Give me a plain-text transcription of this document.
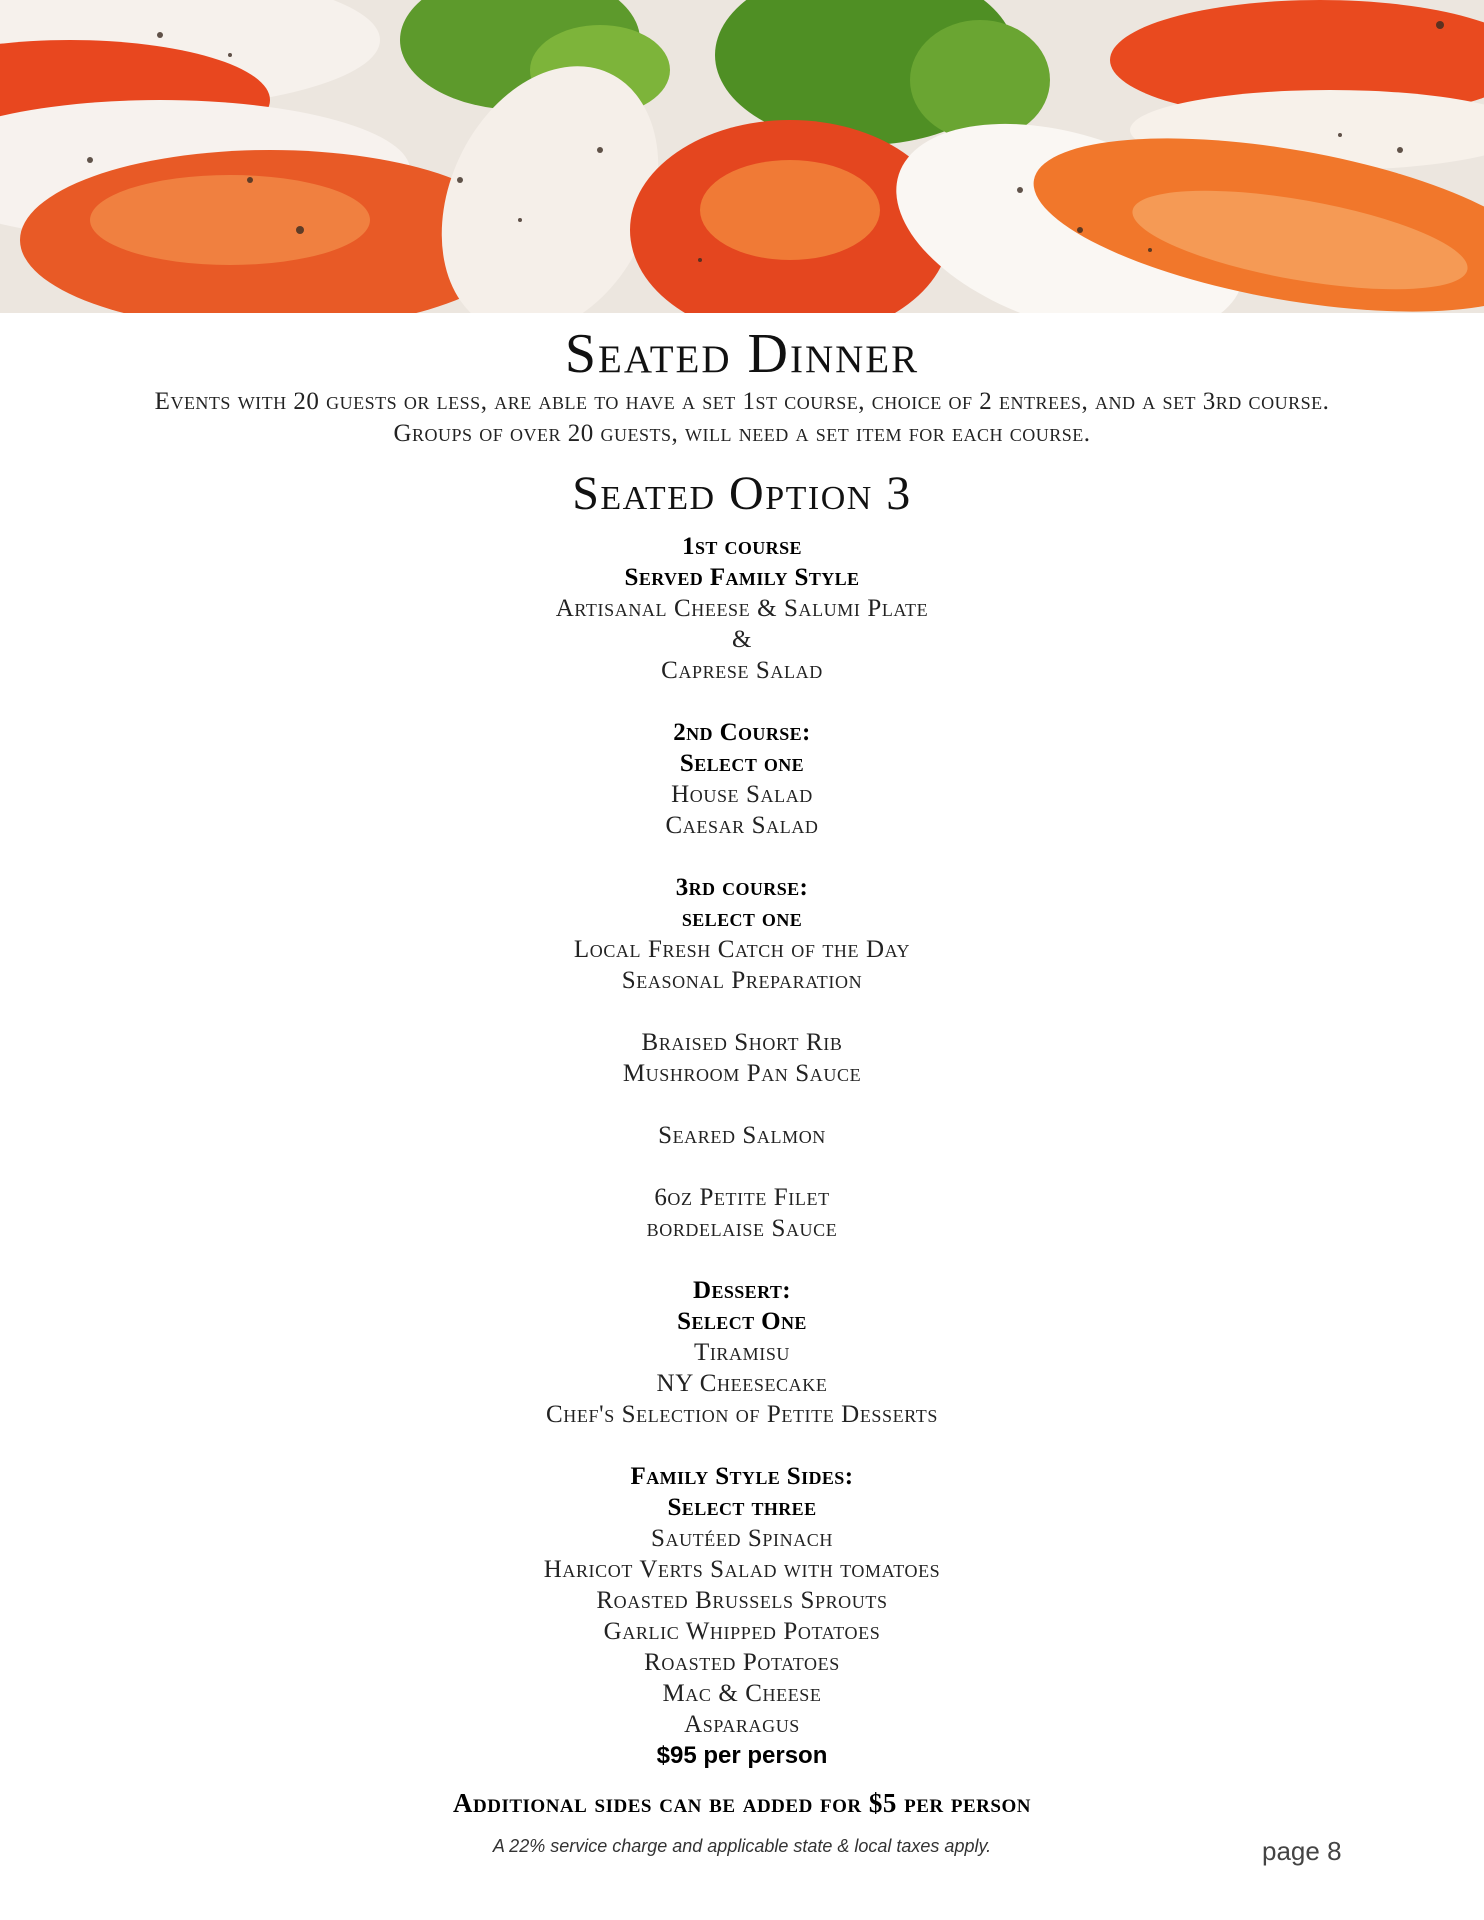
Seated Dinner
Events with 20 guests or less, are able to have a set 1st course, choice of 2 entrees, and a set 3rd course.
Groups of over 20 guests, will need a set item for each course.
Seated Option 3
1st course
Served Family Style
Artisanal Cheese & Salumi Plate
&
Caprese Salad
2nd Course:
Select one
House Salad
Caesar Salad
3rd course:
select one
Local Fresh Catch of the Day
Seasonal Preparation
Braised Short Rib
Mushroom Pan Sauce
Seared Salmon
6oz Petite Filet
bordelaise Sauce
Dessert:
Select One
Tiramisu
NY Cheesecake
Chef's Selection of Petite Desserts
Family Style Sides:
Select three
Sautéed Spinach
Haricot Verts Salad with tomatoes
Roasted Brussels Sprouts
Garlic Whipped Potatoes
Roasted Potatoes
Mac & Cheese
Asparagus
$95 per person
Additional sides can be added for $5 per person
A 22% service charge and applicable state & local taxes apply.	page 8
